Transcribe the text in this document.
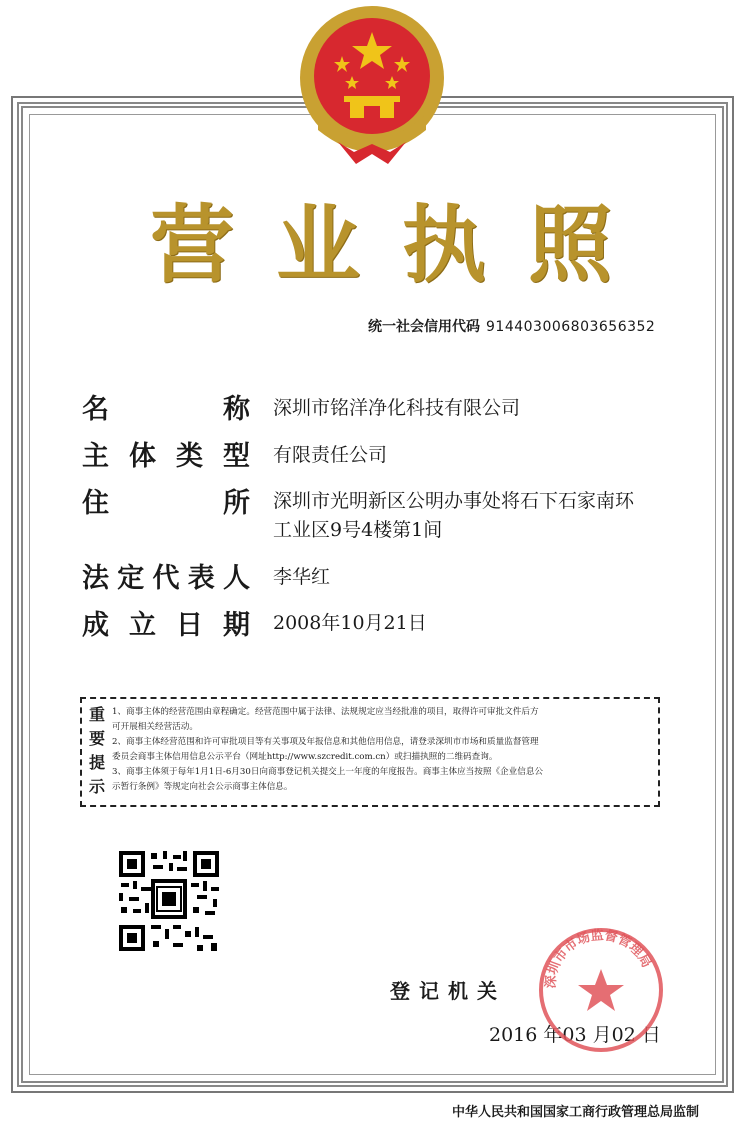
营业执照
统一社会信用代码 914403006803656352
名	称 深圳市铭洋净化科技有限公司
主 体 类 型 有限责任公司
住	所 深圳市光明新区公明办事处将石下石家南环
工业区9号4楼第1间
法 定 代 表 人 李华红
成 立 日 期 2008年10月21日
重
要
提
示

1、商事主体的经营范围由章程确定。经营范围中属于法律、法规规定应当经批准的项目，取得许可审批文件后方

可开展相关经营活动。

2、商事主体经营范围和许可审批项目等有关事项及年报信息和其他信用信息，请登录深圳市市场和质量监督管理

委员会商事主体信用信息公示平台（网址http://www.szcredit.com.cn）或扫描执照的二维码查询。

3、商事主体须于每年1月1日-6月30日向商事登记机关提交上一年度的年度报告。商事主体应当按照《企业信息公

示暂行条例》等规定向社会公示商事主体信息。

登记机关
2016 年03 月02 日
深圳市市场监督管理局
中华人民共和国国家工商行政管理总局监制
